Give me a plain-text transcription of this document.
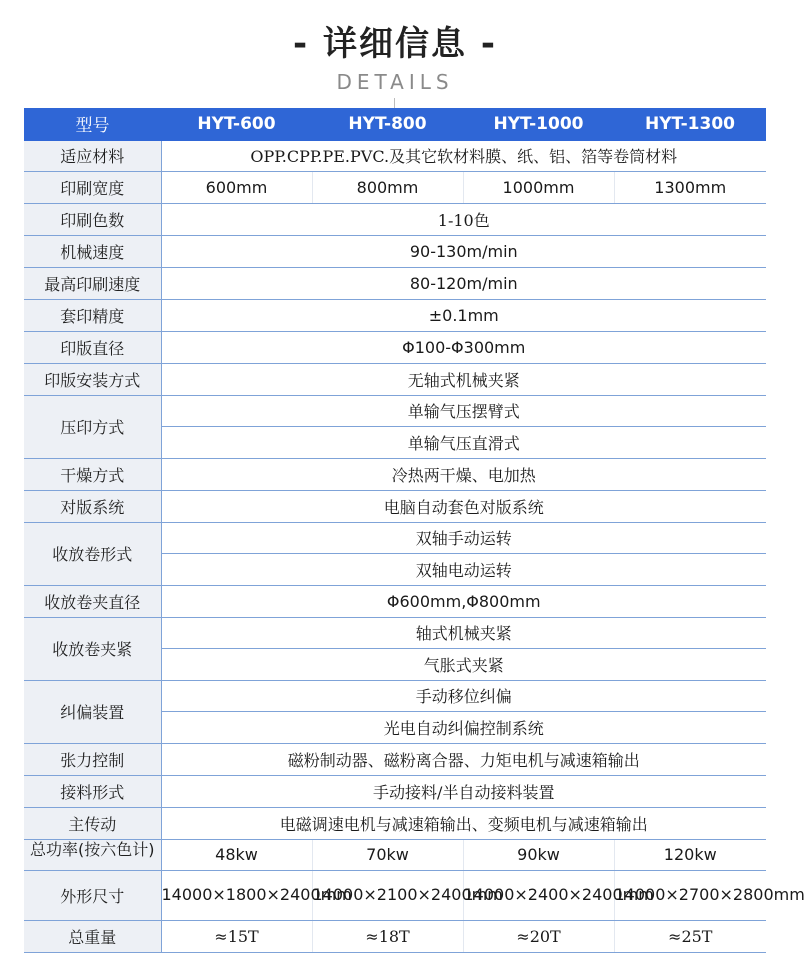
- 详细信息 -
DETAILS
型号	HYT-600	HYT-800	HYT-1000	HYT-1300
适应材料	OPP.CPP.PE.PVC.及其它软材料膜、纸、铝、箔等卷筒材料			
印刷宽度	600mm	800mm	1000mm	1300mm
印刷色数	1-10色			
机械速度	90-130m/min			
最高印刷速度	80-120m/min			
套印精度	±0.1mm			
印版直径	Φ100-Φ300mm			
印版安装方式	无轴式机械夹紧			
压印方式	单输气压摆臂式			
	单输气压直滑式			
干燥方式	冷热两干燥、电加热			
对版系统	电脑自动套色对版系统			
收放卷形式	双轴手动运转			
	双轴电动运转			
收放卷夹直径	Φ600mm,Φ800mm			
收放卷夹紧	轴式机械夹紧			
	气胀式夹紧			
纠偏装置	手动移位纠偏			
	光电自动纠偏控制系统			
张力控制	磁粉制动器、磁粉离合器、力矩电机与减速箱输出			
接料形式	手动接料/半自动接料装置			
主传动	电磁调速电机与减速箱输出、变频电机与减速箱输出			

总功率(按六色计)	48kw	70kw	90kw	120kw
外形尺寸	14000×1800×2400mm	14000×2100×2400mm	14000×2400×2400mm	14000×2700×2800mm
总重量	≈15T	≈18T	≈20T	≈25T
